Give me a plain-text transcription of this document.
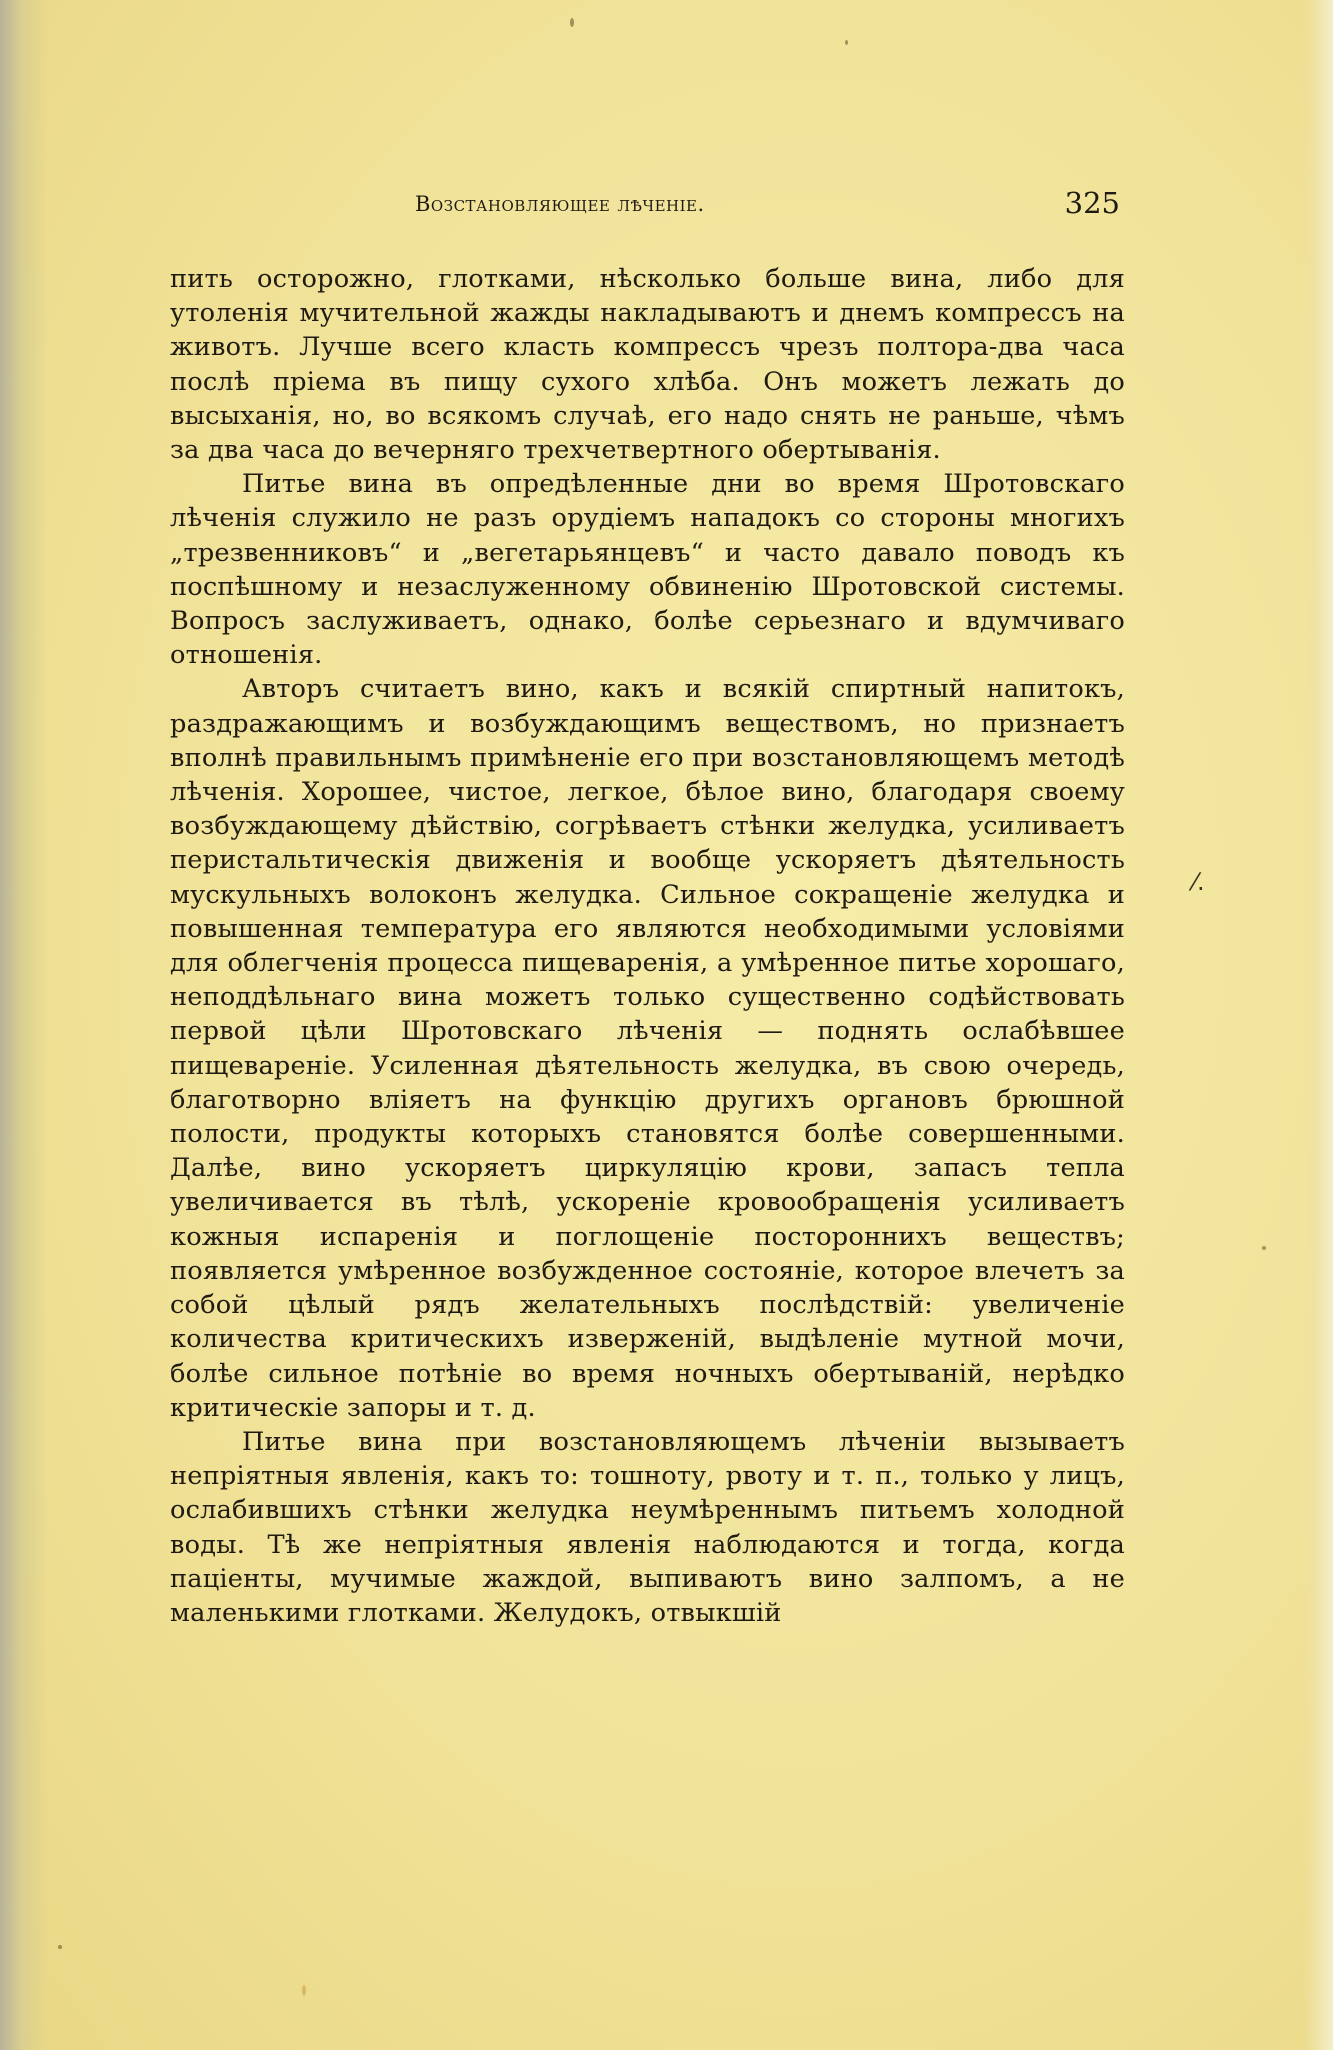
Возстановляющее лѣченіе.	325

пить осторожно, глотками, нѣсколько больше вина, либо для утоленія мучительной жажды накладываютъ и днемъ компрессъ на животъ. Лучше всего класть компрессъ чрезъ полтора-два часа послѣ пріема въ пищу сухого хлѣба. Онъ можетъ лежать до высыханія, но, во всякомъ случаѣ, его надо снять не раньше, чѣмъ за два часа до вечерняго трехчетвертного обертыванія.

Питье вина въ опредѣленные дни во время Шротовскаго лѣченія служило не разъ орудіемъ нападокъ со стороны многихъ „трезвенниковъ“ и „вегетарьянцевъ“ и часто давало поводъ къ поспѣшному и незаслуженному обвиненію Шротовской системы. Вопросъ заслуживаетъ, однако, болѣе серьезнаго и вдумчиваго отношенія.

Авторъ считаетъ вино, какъ и всякій спиртный напитокъ, раздражающимъ и возбуждающимъ веществомъ, но признаетъ вполнѣ правильнымъ примѣненіе его при возстановляющемъ методѣ лѣченія. Хорошее, чистое, легкое, бѣлое вино, благодаря своему возбуждающему дѣйствію, согрѣваетъ стѣнки желудка, усиливаетъ перистальтическія движенія и вообще ускоряетъ дѣятельность мускульныхъ волоконъ желудка. Сильное сокращеніе желудка и повышенная температура его являются необходимыми условіями для облегченія процесса пищеваренія, а умѣренное питье хорошаго, неподдѣльнаго вина можетъ только существенно содѣйствовать первой цѣли Шротовскаго лѣченія — поднять ослабѣвшее пищевареніе. Усиленная дѣятельность желудка, въ свою очередь, благотворно вліяетъ на функцію другихъ органовъ брюшной полости, продукты которыхъ становятся болѣе совершенными. Далѣе, вино ускоряетъ циркуляцію крови, запасъ тепла увеличивается въ тѣлѣ, ускореніе кровообращенія усиливаетъ кожныя испаренія и поглощеніе постороннихъ веществъ; появляется умѣренное возбужденное состояніе, которое влечетъ за собой цѣлый рядъ желательныхъ послѣдствій: увеличеніе количества критическихъ изверженій, выдѣленіе мутной мочи, болѣе сильное потѣніе во время ночныхъ обертываній, нерѣдко критическіе запоры и т. д.

Питье вина при возстановляющемъ лѣченіи вызываетъ непріятныя явленія, какъ то: тошноту, рвоту и т. п., только у лицъ, ослабившихъ стѣнки желудка неумѣреннымъ питьемъ холодной воды. Тѣ же непріятныя явленія наблюдаются и тогда, когда паціенты, мучимые жаждой, выпиваютъ вино залпомъ, а не маленькими глотками. Желудокъ, отвыкшій

⁄.
